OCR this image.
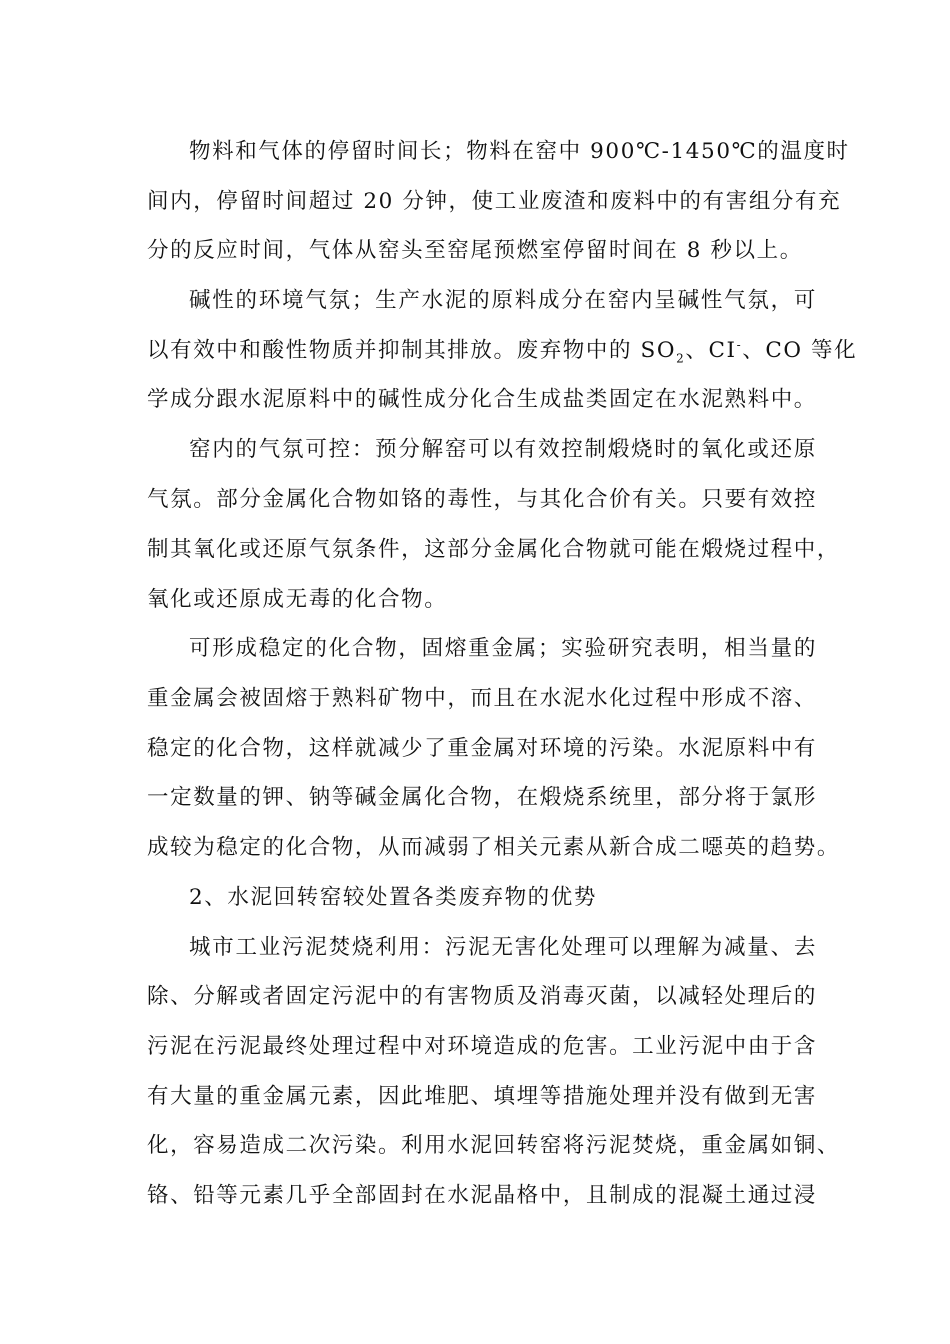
物料和气体的停留时间长；物料在窑中 900℃-1450℃的温度时
间内，停留时间超过 20 分钟，使工业废渣和废料中的有害组分有充
分的反应时间，气体从窑头至窑尾预燃室停留时间在 8 秒以上。
碱性的环境气氛；生产水泥的原料成分在窑内呈碱性气氛，可
以有效中和酸性物质并抑制其排放。废弃物中的 $SO_2$、CI-、CO 等化
学成分跟水泥原料中的碱性成分化合生成盐类固定在水泥熟料中。
窑内的气氛可控：预分解窑可以有效控制煅烧时的氧化或还原
气氛。部分金属化合物如铬的毒性，与其化合价有关。只要有效控
制其氧化或还原气氛条件，这部分金属化合物就可能在煅烧过程中，
氧化或还原成无毒的化合物。
可形成稳定的化合物，固熔重金属；实验研究表明，相当量的
重金属会被固熔于熟料矿物中，而且在水泥水化过程中形成不溶、
稳定的化合物，这样就减少了重金属对环境的污染。水泥原料中有
一定数量的钾、钠等碱金属化合物，在煅烧系统里，部分将于氯形
成较为稳定的化合物，从而减弱了相关元素从新合成二噁英的趋势。
2、水泥回转窑较处置各类废弃物的优势
城市工业污泥焚烧利用：污泥无害化处理可以理解为减量、去
除、分解或者固定污泥中的有害物质及消毒灭菌，以减轻处理后的
污泥在污泥最终处理过程中对环境造成的危害。工业污泥中由于含
有大量的重金属元素，因此堆肥、填埋等措施处理并没有做到无害
化，容易造成二次污染。利用水泥回转窑将污泥焚烧，重金属如铜、
铬、铅等元素几乎全部固封在水泥晶格中，且制成的混凝土通过浸
